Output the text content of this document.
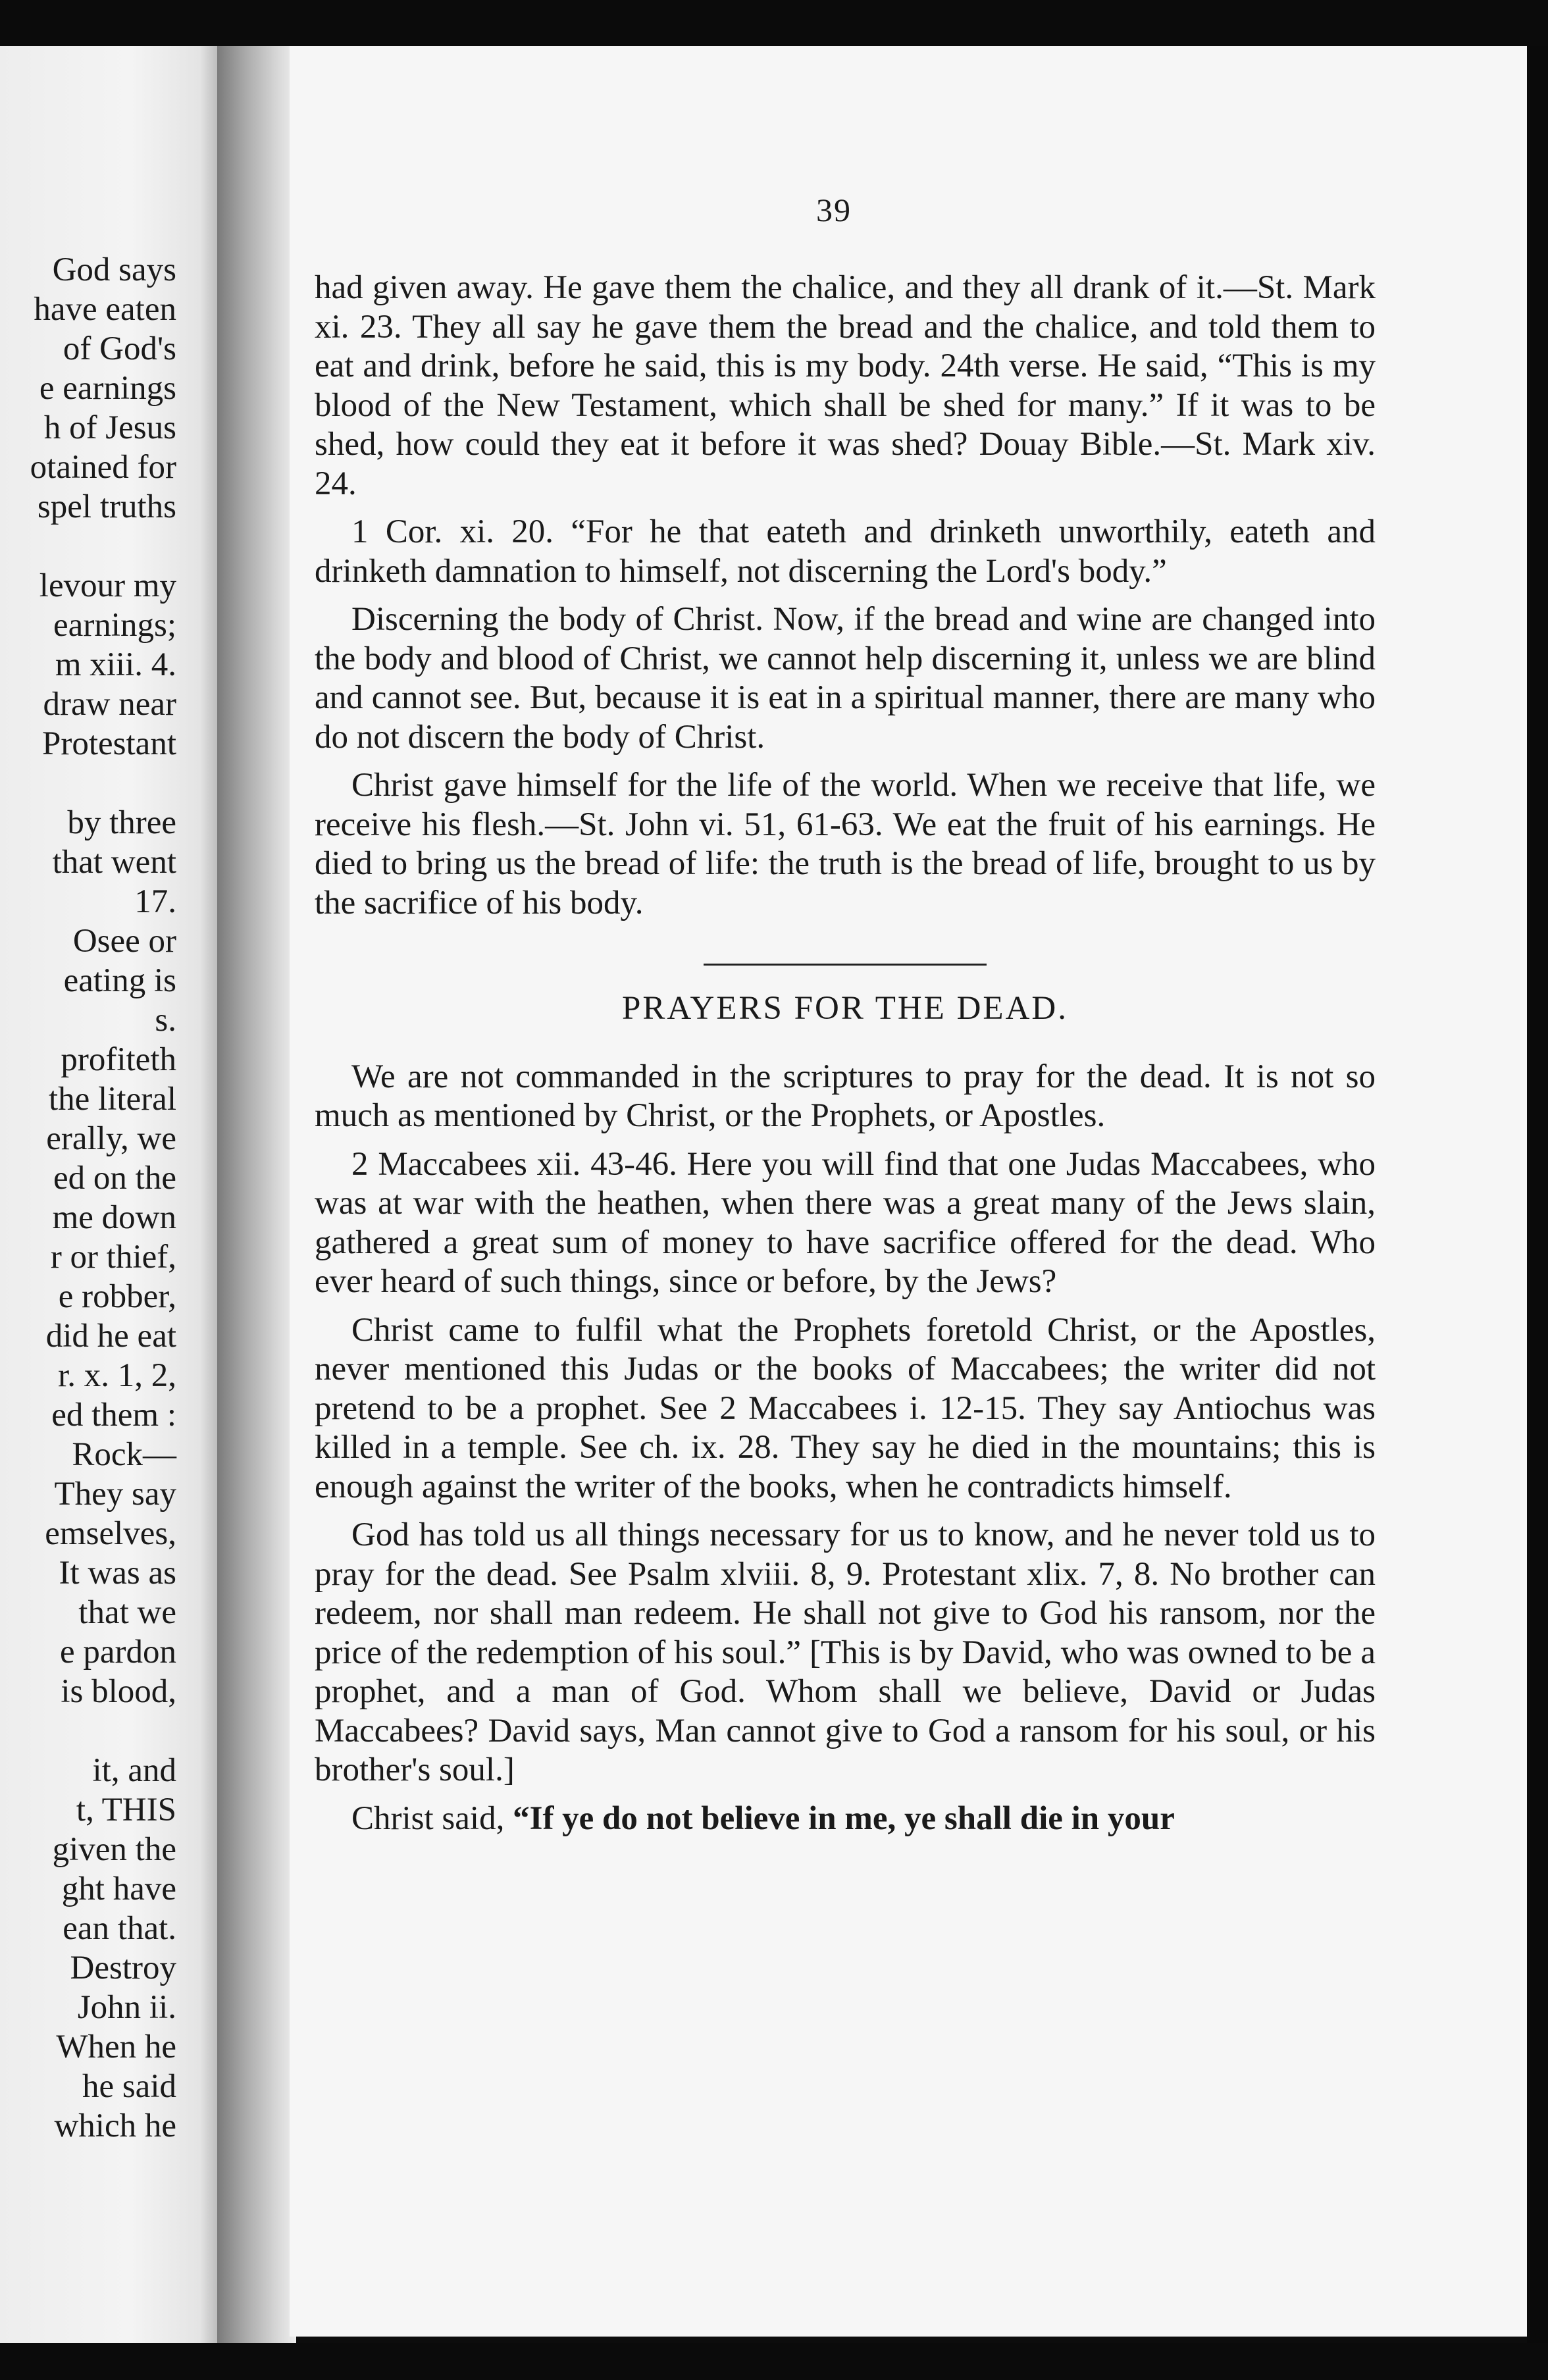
God says
have eaten
of God's
e earnings
h of Jesus
otained for
spel truths
levour my
earnings;
m xiii. 4.
draw near
Protestant
by three
that went
17.
Osee or
eating is
s.
profiteth
the literal
erally, we
ed on the
me down
r or thief,
e robber,
did he eat
r. x. 1, 2,
ed them :
Rock—
They say
emselves,
It was as
that we
e pardon
is blood,
it, and
t, THIS
given the
ght have
ean that.
Destroy
John ii.
When he
he said
which he
39

had given away. He gave them the chalice, and they all drank of it.—St. Mark xi. 23. They all say he gave them the bread and the chalice, and told them to eat and drink, before he said, this is my body. 24th verse. He said, “This is my blood of the New Testament, which shall be shed for many.” If it was to be shed, how could they eat it before it was shed? Douay Bible.—St. Mark xiv. 24.

1 Cor. xi. 20. “For he that eateth and drinketh unworthily, eateth and drinketh damnation to himself, not discerning the Lord's body.”

Discerning the body of Christ. Now, if the bread and wine are changed into the body and blood of Christ, we cannot help discerning it, unless we are blind and cannot see. But, because it is eat in a spiritual manner, there are many who do not discern the body of Christ.

Christ gave himself for the life of the world. When we receive that life, we receive his flesh.—St. John vi. 51, 61-63. We eat the fruit of his earnings. He died to bring us the bread of life: the truth is the bread of life, brought to us by the sacrifice of his body.

PRAYERS FOR THE DEAD.

We are not commanded in the scriptures to pray for the dead. It is not so much as mentioned by Christ, or the Prophets, or Apostles.

2 Maccabees xii. 43-46. Here you will find that one Judas Maccabees, who was at war with the heathen, when there was a great many of the Jews slain, gathered a great sum of money to have sacrifice offered for the dead. Who ever heard of such things, since or before, by the Jews?

Christ came to fulfil what the Prophets foretold Christ, or the Apostles, never mentioned this Judas or the books of Maccabees; the writer did not pretend to be a prophet. See 2 Maccabees i. 12-15. They say Antiochus was killed in a temple. See ch. ix. 28. They say he died in the mountains; this is enough against the writer of the books, when he contradicts himself.

God has told us all things necessary for us to know, and he never told us to pray for the dead. See Psalm xlviii. 8, 9. Protestant xlix. 7, 8. No brother can redeem, nor shall man redeem. He shall not give to God his ransom, nor the price of the redemption of his soul.” [This is by David, who was owned to be a prophet, and a man of God. Whom shall we believe, David or Judas Maccabees? David says, Man cannot give to God a ransom for his soul, or his brother's soul.]

Christ said, “If ye do not believe in me, ye shall die in your
